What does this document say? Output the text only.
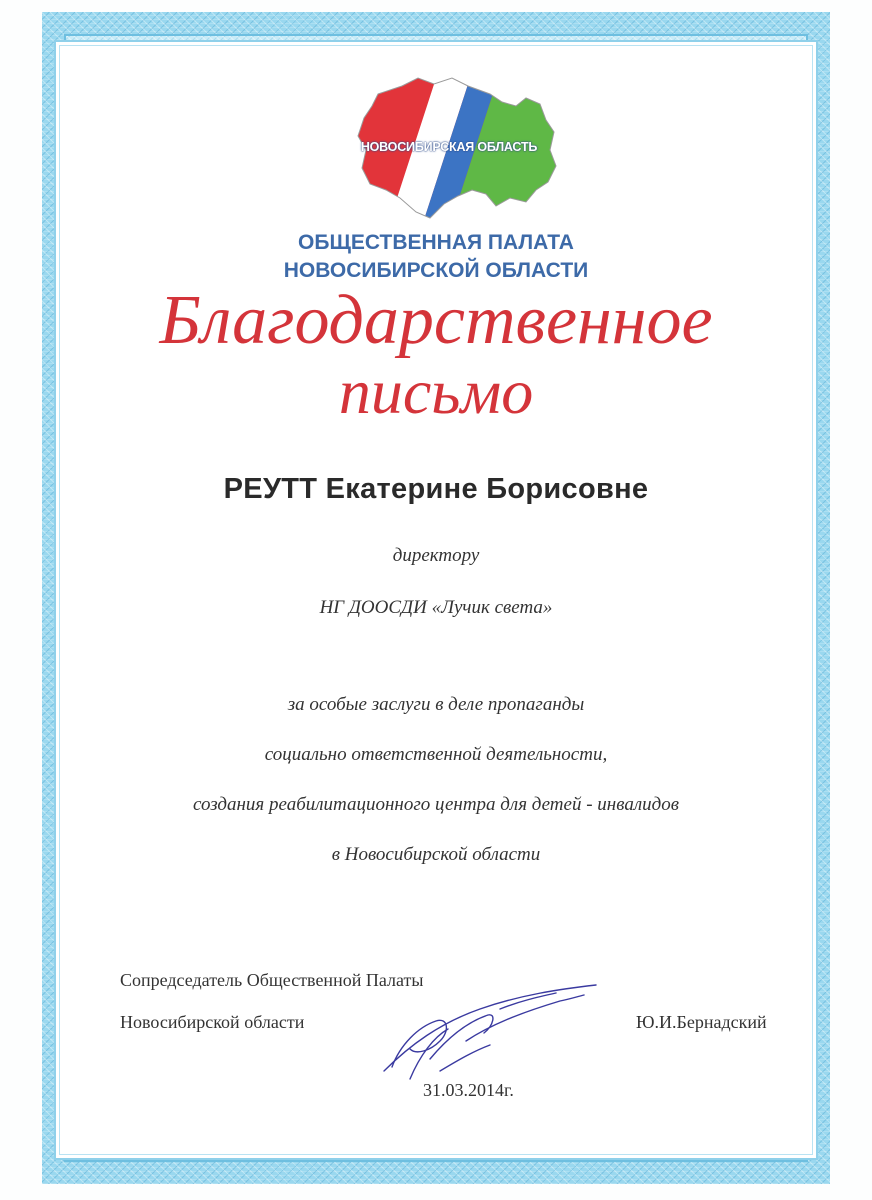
НОВОСИБИРСКАЯ ОБЛАСТЬ
ОБЩЕСТВЕННАЯ ПАЛАТА
НОВОСИБИРСКОЙ ОБЛАСТИ
Благодарственное
письмо
РЕУТТ Екатерине Борисовне
директору
НГ ДООСДИ «Лучик света»
за особые заслуги в деле пропаганды
социально ответственной деятельности,
создания реабилитационного центра для детей - инвалидов
в Новосибирской области
Сопредседатель Общественной Палаты
Новосибирской области	Ю.И.Бернадский
31.03.2014г.
